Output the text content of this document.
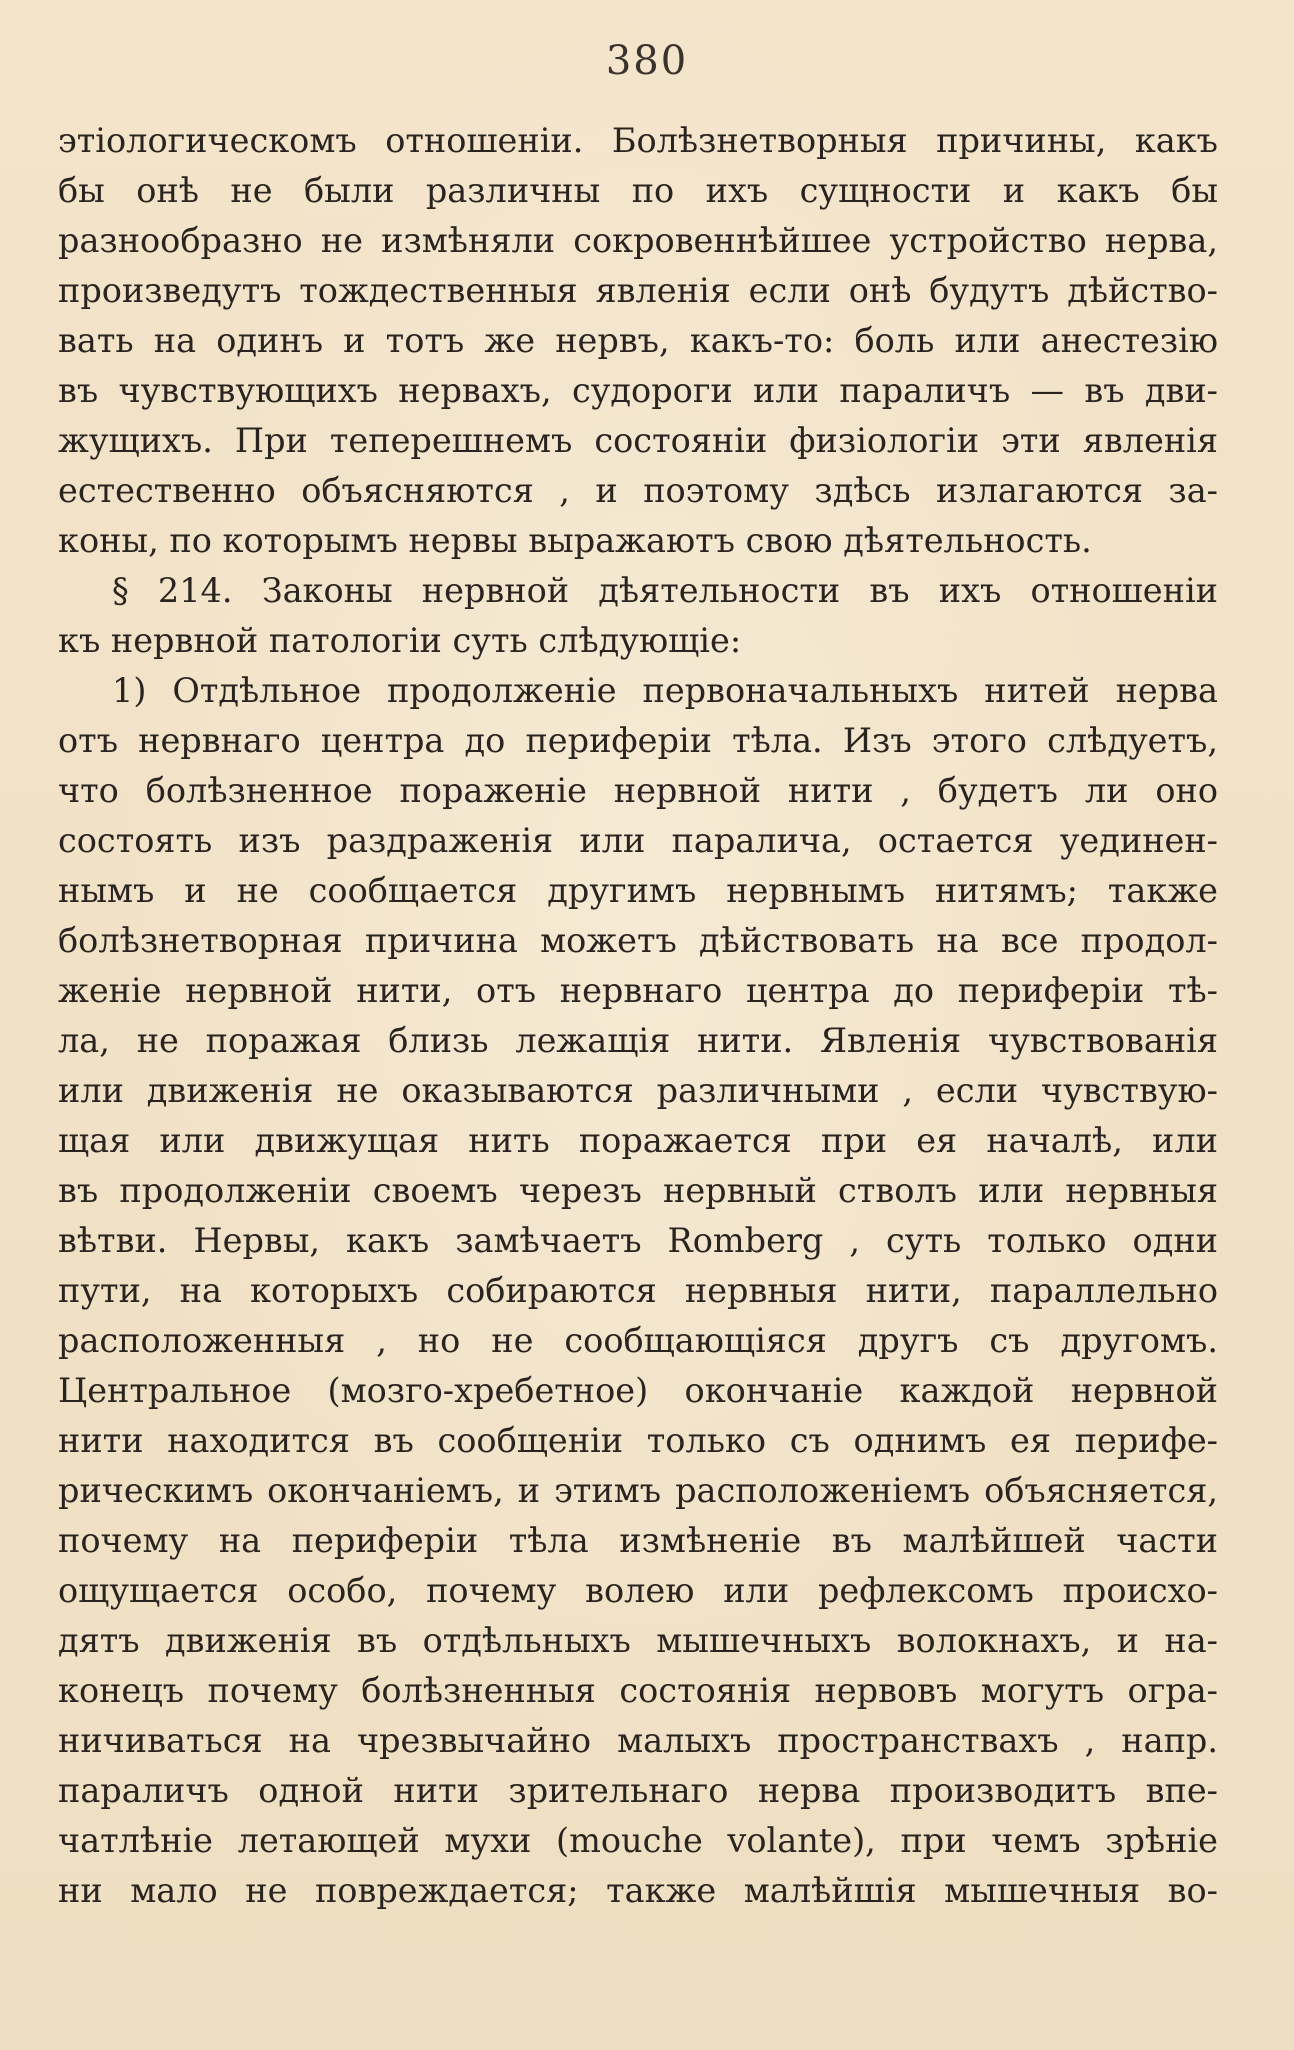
380
этіологическомъ отношеніи. Болѣзнетворныя причины, какъ
бы онѣ не были различны по ихъ сущности и какъ бы
разнообразно не измѣняли сокровеннѣйшее устройство нерва,
произведутъ тождественныя явленія если онѣ будутъ дѣйство-
вать на одинъ и тотъ же нервъ, какъ-то: боль или анестезію
въ чувствующихъ нервахъ, судороги или параличъ — въ дви-
жущихъ. При теперешнемъ состояніи физіологіи эти явленія
естественно объясняются , и поэтому здѣсь излагаются за-
коны, по которымъ нервы выражаютъ свою дѣятельность.
§ 214. Законы нервной дѣятельности въ ихъ отношеніи
къ нервной патологіи суть слѣдующіе:
1) Отдѣльное продолженіе первоначальныхъ нитей нерва
отъ нервнаго центра до периферіи тѣла. Изъ этого слѣдуетъ,
что болѣзненное пораженіе нервной нити , будетъ ли оно
состоять изъ раздраженія или паралича, остается уединен-
нымъ и не сообщается другимъ нервнымъ нитямъ; также
болѣзнетворная причина можетъ дѣйствовать на все продол-
женіе нервной нити, отъ нервнаго центра до периферіи тѣ-
ла, не поражая близь лежащія нити. Явленія чувствованія
или движенія не оказываются различными , если чувствую-
щая или движущая нить поражается при ея началѣ, или
въ продолженіи своемъ черезъ нервный стволъ или нервныя
вѣтви. Нервы, какъ замѣчаетъ Romberg , суть только одни
пути, на которыхъ собираются нервныя нити, параллельно
расположенныя , но не сообщающіяся другъ съ другомъ.
Центральное (мозго-хребетное) окончаніе каждой нервной
нити находится въ сообщеніи только съ однимъ ея перифе-
рическимъ окончаніемъ, и этимъ расположеніемъ объясняется,
почему на периферіи тѣла измѣненіе въ малѣйшей части
ощущается особо, почему волею или рефлексомъ происхо-
дятъ движенія въ отдѣльныхъ мышечныхъ волокнахъ, и на-
конецъ почему болѣзненныя состоянія нервовъ могутъ огра-
ничиваться на чрезвычайно малыхъ пространствахъ , напр.
параличъ одной нити зрительнаго нерва производитъ впе-
чатлѣніе летающей мухи (mouche volante), при чемъ зрѣніе
ни мало не повреждается; также малѣйшія мышечныя во-
